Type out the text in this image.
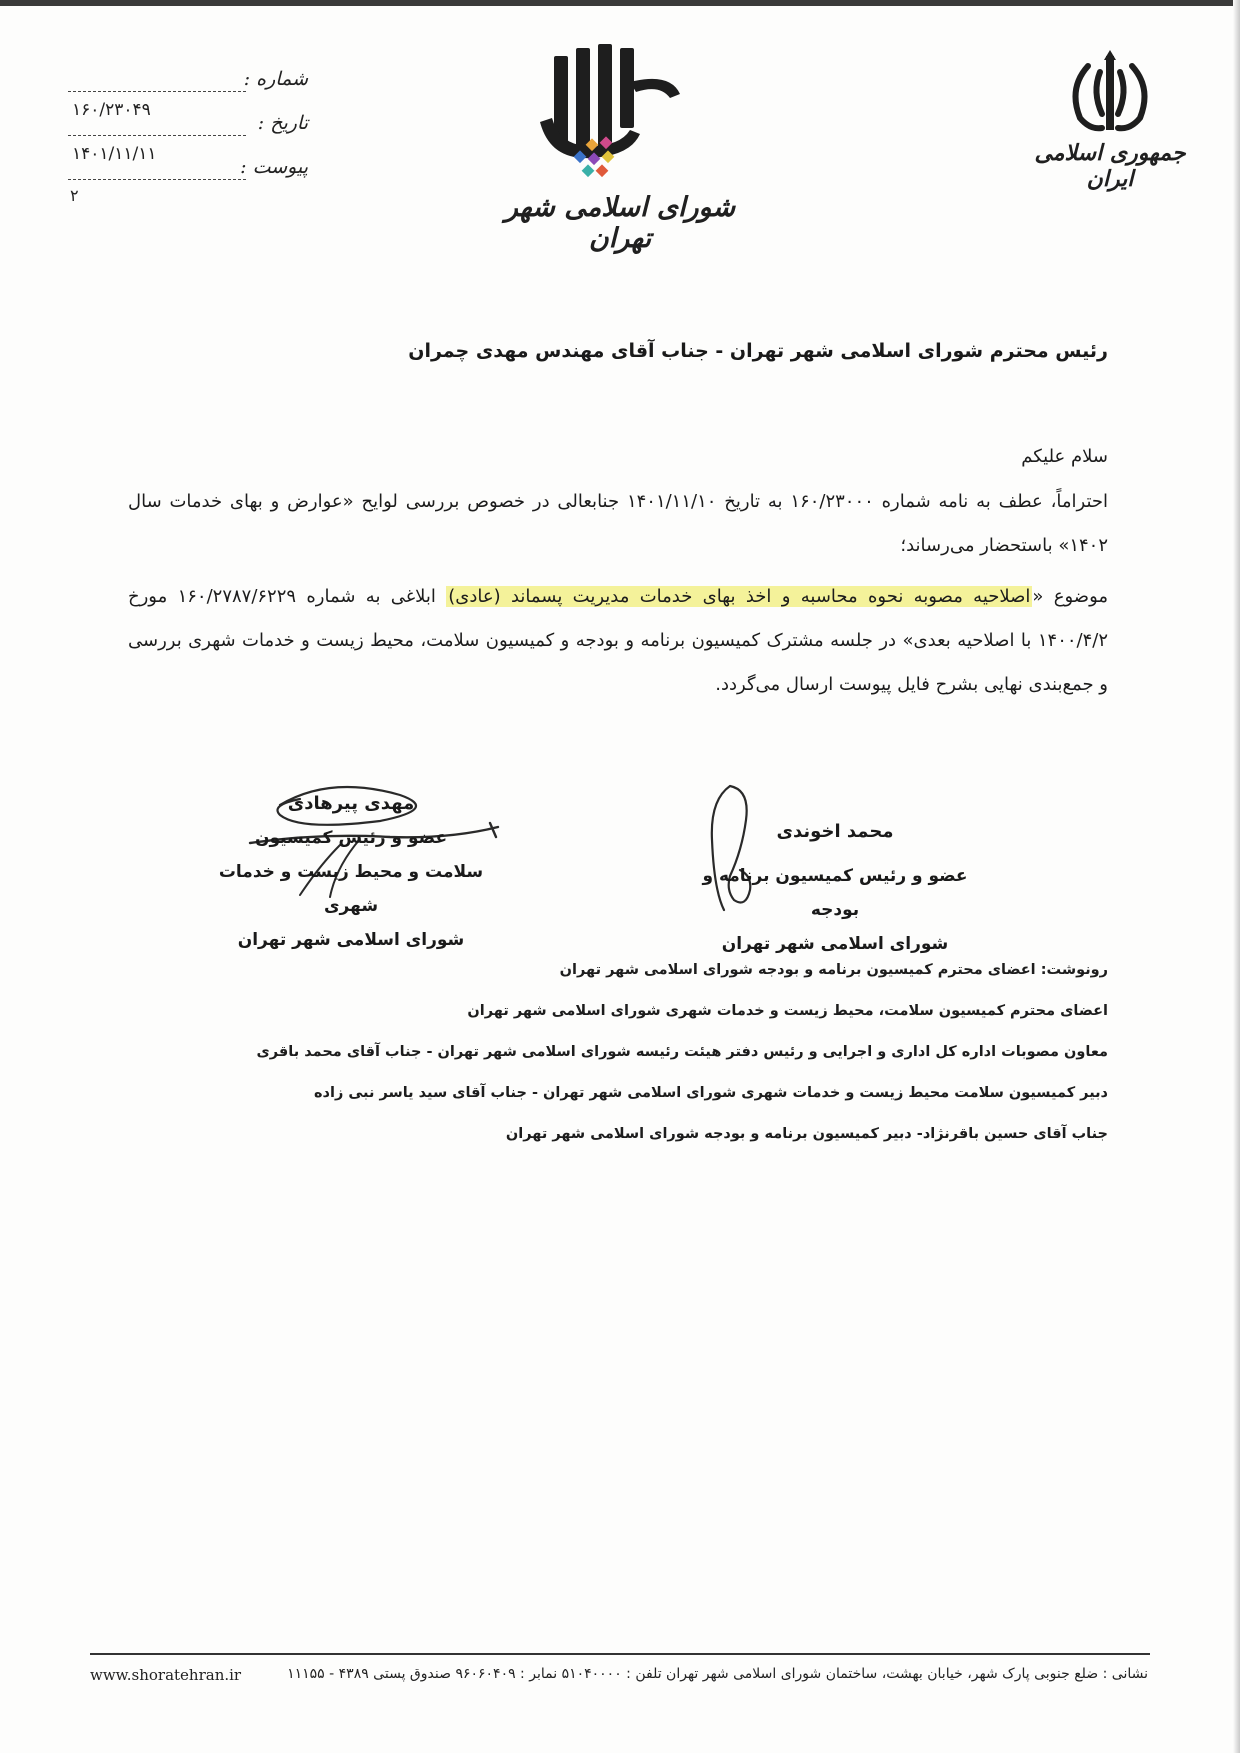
شماره :
۱۶۰/۲۳۰۴۹
تاریخ :
۱۴۰۱/۱۱/۱۱
پیوست :
۲	شورای اسلامی شهر تهران
جمهوری اسلامی ایران
رئیس محترم شورای اسلامی شهر تهران - جناب آقای مهندس مهدی چمران
سلام علیکم
احتراماً، عطف به نامه شماره ۱۶۰/۲۳۰۰۰ به تاریخ ۱۴۰۱/۱۱/۱۰ جنابعالی در خصوص بررسی لوایح «عوارض و بهای خدمات سال ۱۴۰۲» باستحضار می‌رساند؛
موضوع «اصلاحیه مصوبه نحوه محاسبه و اخذ بهای خدمات مدیریت پسماند (عادی) ابلاغی به شماره ۱۶۰/۲۷۸۷/۶۲۲۹ مورخ ۱۴۰۰/۴/۲ با اصلاحیه بعدی» در جلسه مشترک کمیسیون برنامه و بودجه و کمیسیون سلامت، محیط زیست و خدمات شهری بررسی و جمع‌بندی نهایی بشرح فایل پیوست ارسال می‌گردد.
محمد اخوندی
عضو و رئیس کمیسیون برنامه و بودجه
شورای اسلامی شهر تهران
مهدی پیرهادی
عضو و رئیس کمیسیون
سلامت و محیط زیست و خدمات شهری
شورای اسلامی شهر تهران
رونوشت: اعضای محترم کمیسیون برنامه و بودجه شورای اسلامی شهر تهران
اعضای محترم کمیسیون سلامت، محیط زیست و خدمات شهری شورای اسلامی شهر تهران
معاون مصوبات اداره کل اداری و اجرایی و رئیس دفتر هیئت رئیسه شورای اسلامی شهر تهران - جناب آقای محمد باقری
دبیر کمیسیون سلامت محیط زیست و خدمات شهری شورای اسلامی شهر تهران - جناب آقای سید یاسر نبی زاده
جناب آقای حسین باقرنژاد- دبیر کمیسیون برنامه و بودجه شورای اسلامی شهر تهران
نشانی : ضلع جنوبی پارک شهر، خیابان بهشت، ساختمان شورای اسلامی شهر تهران تلفن : ۵۱۰۴۰۰۰۰ نمابر : ۹۶۰۶۰۴۰۹ صندوق پستی ۴۳۸۹ - ۱۱۱۵۵
www.shoratehran.ir
